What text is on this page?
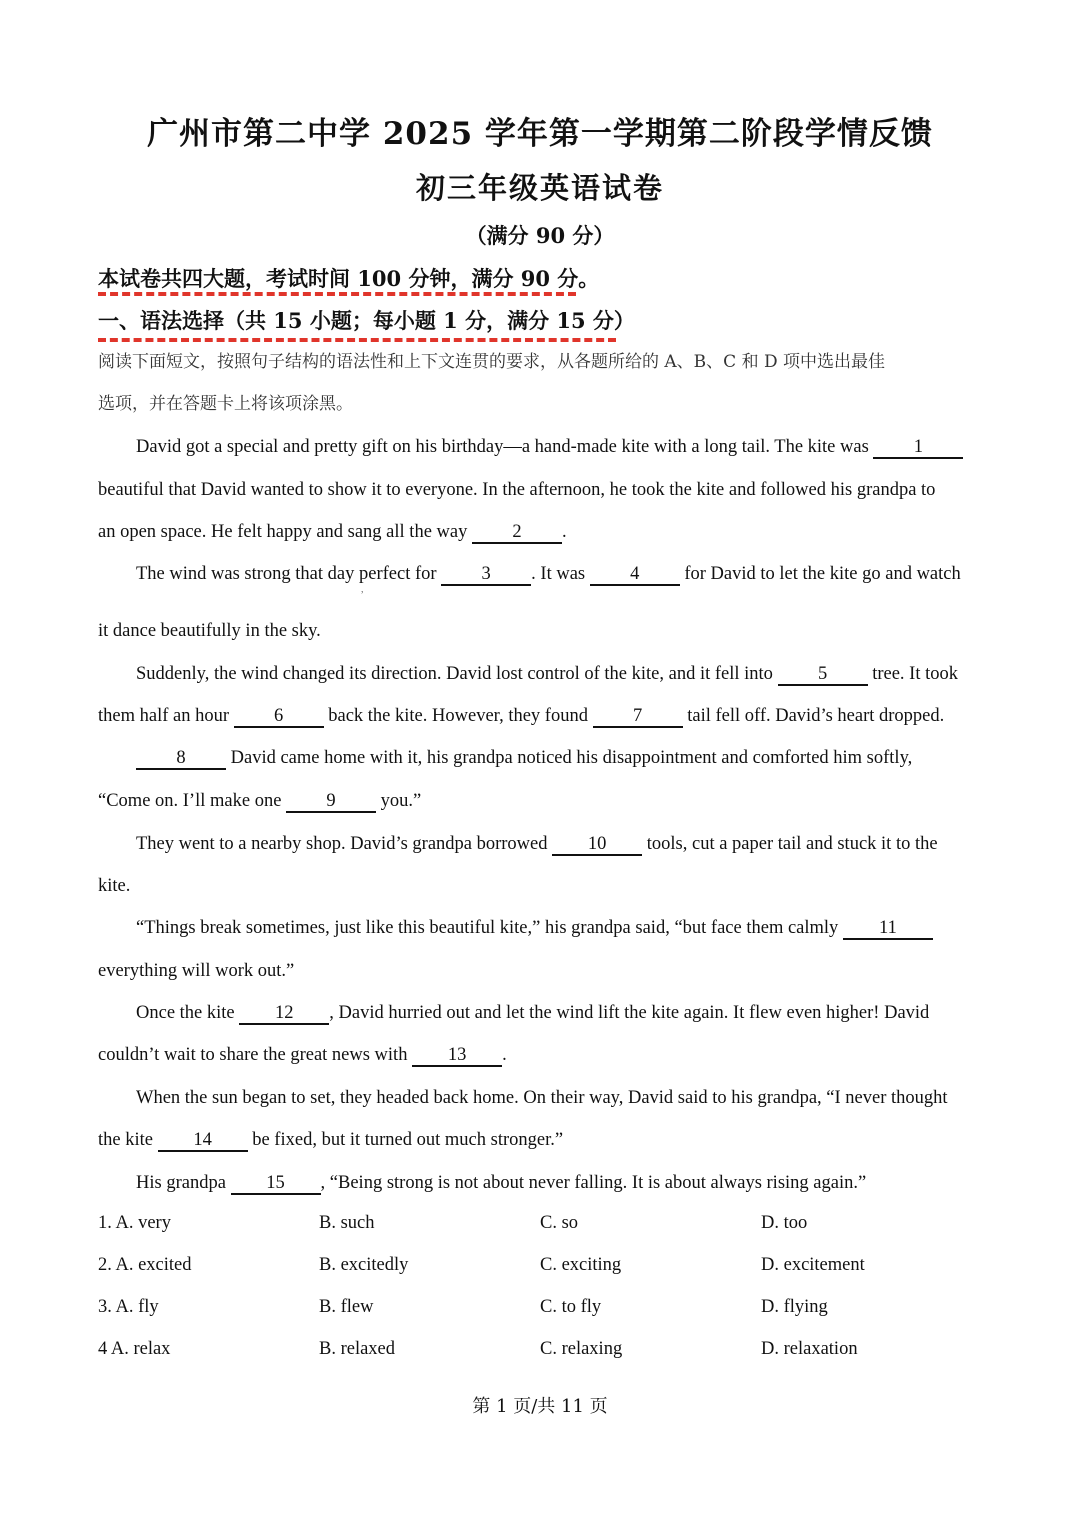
广州市第二中学 2025 学年第一学期第二阶段学情反馈
初三年级英语试卷
（满分 90 分）
本试卷共四大题，考试时间 100 分钟，满分 90 分。
一、语法选择（共 15 小题；每小题 1 分，满分 15 分）
阅读下面短文，按照句子结构的语法性和上下文连贯的要求，从各题所给的 A、B、C 和 D 项中选出最佳
选项，并在答题卡上将该项涂黑。
David got a special and pretty gift on his birthday—a hand-made kite with a long tail. The kite was 1
beautiful that David wanted to show it to everyone. In the afternoon, he took the kite and followed his grandpa to
an open space. He felt happy and sang all the way 2 .
The wind was strong that day perfect for 3 . It was 4 for David to let the kite go and watch
,
it dance beautifully in the sky.
Suddenly, the wind changed its direction. David lost control of the kite, and it fell into 5 tree. It took
them half an hour 6 back the kite. However, they found 7 tail fell off. David’s heart dropped.
8 David came home with it, his grandpa noticed his disappointment and comforted him softly,
“Come on. I’ll make one 9 you.”
They went to a nearby shop. David’s grandpa borrowed 10 tools, cut a paper tail and stuck it to the
kite.
“Things break sometimes, just like this beautiful kite,” his grandpa said, “but face them calmly 11
everything will work out.”
Once the kite 12 , David hurried out and let the wind lift the kite again. It flew even higher! David
couldn’t wait to share the great news with 13 .
When the sun began to set, they headed back home. On their way, David said to his grandpa, “I never thought
the kite 14 be fixed, but it turned out much stronger.”
His grandpa 15 , “Being strong is not about never falling. It is about always rising again.”
1. A. very	B. such	C. so	D. too
2. A. excited	B. excitedly	C. exciting	D. excitement
3. A. fly	B. flew	C. to fly	D. flying
4 A. relax	B. relaxed	C. relaxing	D. relaxation
第 1 页/共 11 页
